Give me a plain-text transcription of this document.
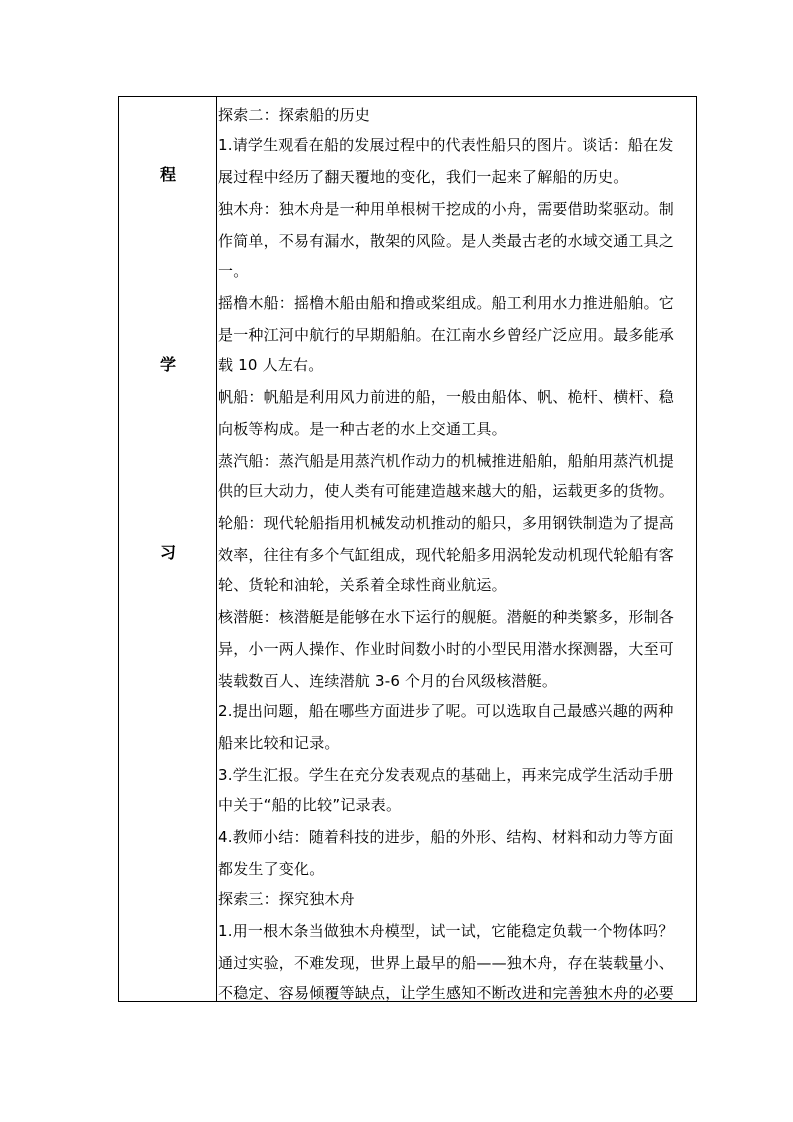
程
学
习
探索二：探索船的历史
1.请学生观看在船的发展过程中的代表性船只的图片。谈话：船在发
展过程中经历了翻天覆地的变化，我们一起来了解船的历史。
独木舟：独木舟是一种用单根树干挖成的小舟，需要借助桨驱动。制
作简单，不易有漏水，散架的风险。是人类最古老的水域交通工具之
一。
摇橹木船：摇橹木船由船和撸或桨组成。船工利用水力推进船舶。它
是一种江河中航行的早期船舶。在江南水乡曾经广泛应用。最多能承
载 10 人左右。
帆船：帆船是利用风力前进的船，一般由船体、帆、桅杆、横杆、稳
向板等构成。是一种古老的水上交通工具。
蒸汽船：蒸汽船是用蒸汽机作动力的机械推进船舶，船舶用蒸汽机提
供的巨大动力，使人类有可能建造越来越大的船，运载更多的货物。
轮船：现代轮船指用机械发动机推动的船只，多用钢铁制造为了提高
效率，往往有多个气缸组成，现代轮船多用涡轮发动机现代轮船有客
轮、货轮和油轮，关系着全球性商业航运。
核潜艇：核潜艇是能够在水下运行的舰艇。潜艇的种类繁多，形制各
异，小一两人操作、作业时间数小时的小型民用潜水探测器，大至可
装载数百人、连续潜航 3-6 个月的台风级核潜艇。
2.提出问题，船在哪些方面进步了呢。可以选取自己最感兴趣的两种
船来比较和记录。
3.学生汇报。学生在充分发表观点的基础上，再来完成学生活动手册
中关于“船的比较”记录表。
4.教师小结：随着科技的进步，船的外形、结构、材料和动力等方面
都发生了变化。
探索三：探究独木舟
1.用一根木条当做独木舟模型，试一试，它能稳定负载一个物体吗？
通过实验，不难发现，世界上最早的船——独木舟，存在装载量小、
不稳定、容易倾覆等缺点，让学生感知不断改进和完善独木舟的必要
